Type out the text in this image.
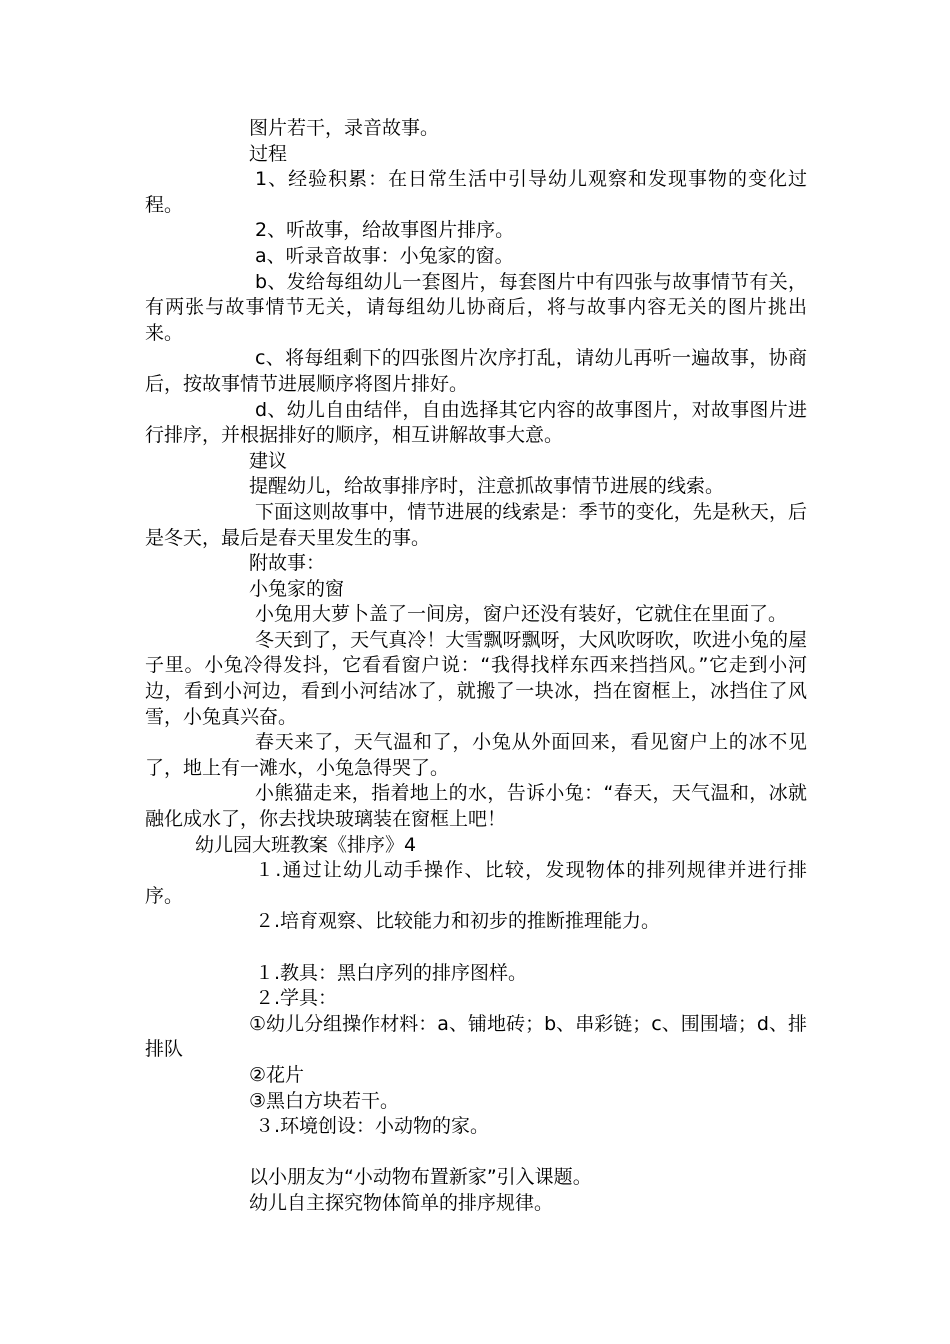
图片若干，录音故事。

过程

1、经验积累：在日常生活中引导幼儿观察和发现事物的变化过程。

2、听故事，给故事图片排序。

a、听录音故事：小兔家的窗。

b、发给每组幼儿一套图片，每套图片中有四张与故事情节有关，有两张与故事情节无关，请每组幼儿协商后，将与故事内容无关的图片挑出来。

c、将每组剩下的四张图片次序打乱，请幼儿再听一遍故事，协商后，按故事情节进展顺序将图片排好。

d、幼儿自由结伴，自由选择其它内容的故事图片，对故事图片进行排序，并根据排好的顺序，相互讲解故事大意。

建议

提醒幼儿，给故事排序时，注意抓故事情节进展的线索。

下面这则故事中，情节进展的线索是：季节的变化，先是秋天，后是冬天，最后是春天里发生的事。

附故事：

小兔家的窗

小兔用大萝卜盖了一间房，窗户还没有装好，它就住在里面了。

冬天到了，天气真冷！大雪飘呀飘呀，大风吹呀吹，吹进小兔的屋子里。小兔冷得发抖，它看看窗户说：“我得找样东西来挡挡风。”它走到小河边，看到小河边，看到小河结冰了，就搬了一块冰，挡在窗框上，冰挡住了风雪，小兔真兴奋。

春天来了，天气温和了，小兔从外面回来，看见窗户上的冰不见了，地上有一滩水，小兔急得哭了。

小熊猫走来，指着地上的水，告诉小兔：“春天，天气温和，冰就融化成水了，你去找块玻璃装在窗框上吧！

幼儿园大班教案《排序》4

１.通过让幼儿动手操作、比较，发现物体的排列规律并进行排序。

２.培育观察、比较能力和初步的推断推理能力。

１.教具：黑白序列的排序图样。

２.学具：

①幼儿分组操作材料：a、铺地砖；b、串彩链；c、围围墙；d、排排队

②花片

③黑白方块若干。

３.环境创设：小动物的家。

以小朋友为“小动物布置新家”引入课题。

幼儿自主探究物体简单的排序规律。
